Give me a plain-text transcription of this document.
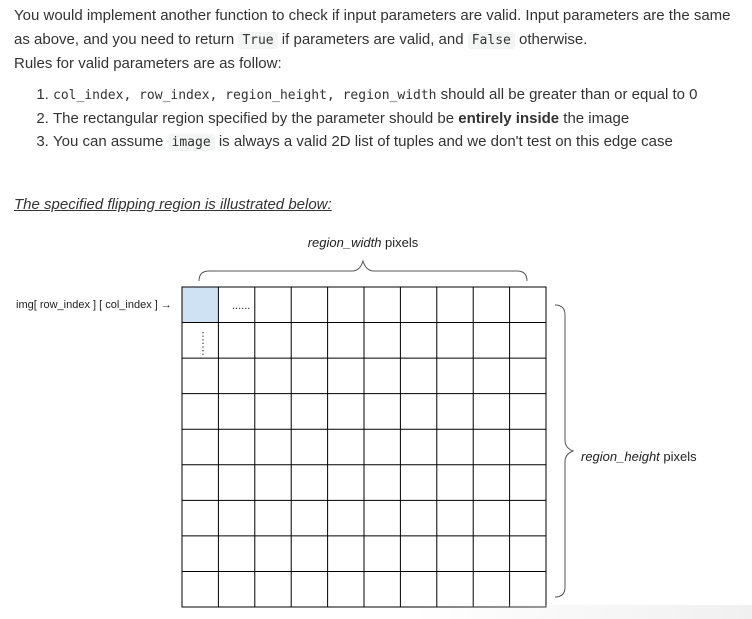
You would implement another function to check if input parameters are valid. Input parameters are the same as above, and you need to return True if parameters are valid, and False otherwise.
Rules for valid parameters are as follow:

1. col_index, row_index, region_height, region_width should all be greater than or equal to 0
2. The rectangular region specified by the parameter should be entirely inside the image
3. You can assume image is always a valid 2D list of tuples and we don't test on this edge case
The specified flipping region is illustrated below:
region_width pixels
region_height pixels
img[ row_index ] [ col_index ] →	......
